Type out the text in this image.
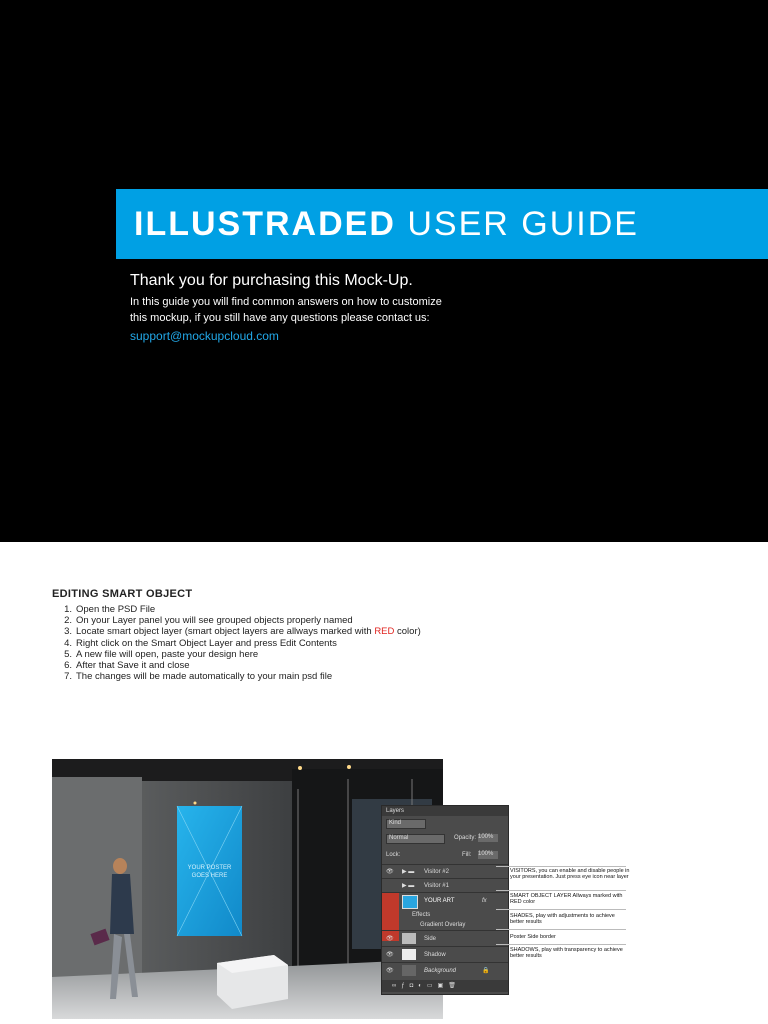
ILLUSTRADED USER GUIDE
Thank you for purchasing this Mock-Up.
In this guide you will find common answers on how to customize this mockup, if you still have any questions please contact us:
support@mockupcloud.com
EDITING SMART OBJECT
1. Open the PSD File
2. On your Layer panel you will see grouped objects properly named
3. Locate smart object layer (smart object layers are allways marked with RED color)
4. Right click on the Smart Object Layer and press Edit Contents
5. A new file will open, paste your design here
6. After that Save it and close
7. The changes will be made automatically to your main psd file
YOUR POSTER
GOES HERE
Layers
Kind
Normal	Opacity: 100%
Lock:	Fill: 100%
👁 ▶ ▬ Visitor #2
▶ ▬ Visitor #1
YOUR ART	fx
Effects
Gradient Overlay
👁	Side
👁	Shadow
👁	Background	🔒
∞ƒ◘◐▭▣🗑
VISITORS, you can enable and disable people in your presentation. Just press eye icon near layer
SMART OBJECT LAYER Allways marked with RED color
SHADES, play with adjustments to achieve better results
Poster Side border
SHADOWS, play with transparency to achieve better results
